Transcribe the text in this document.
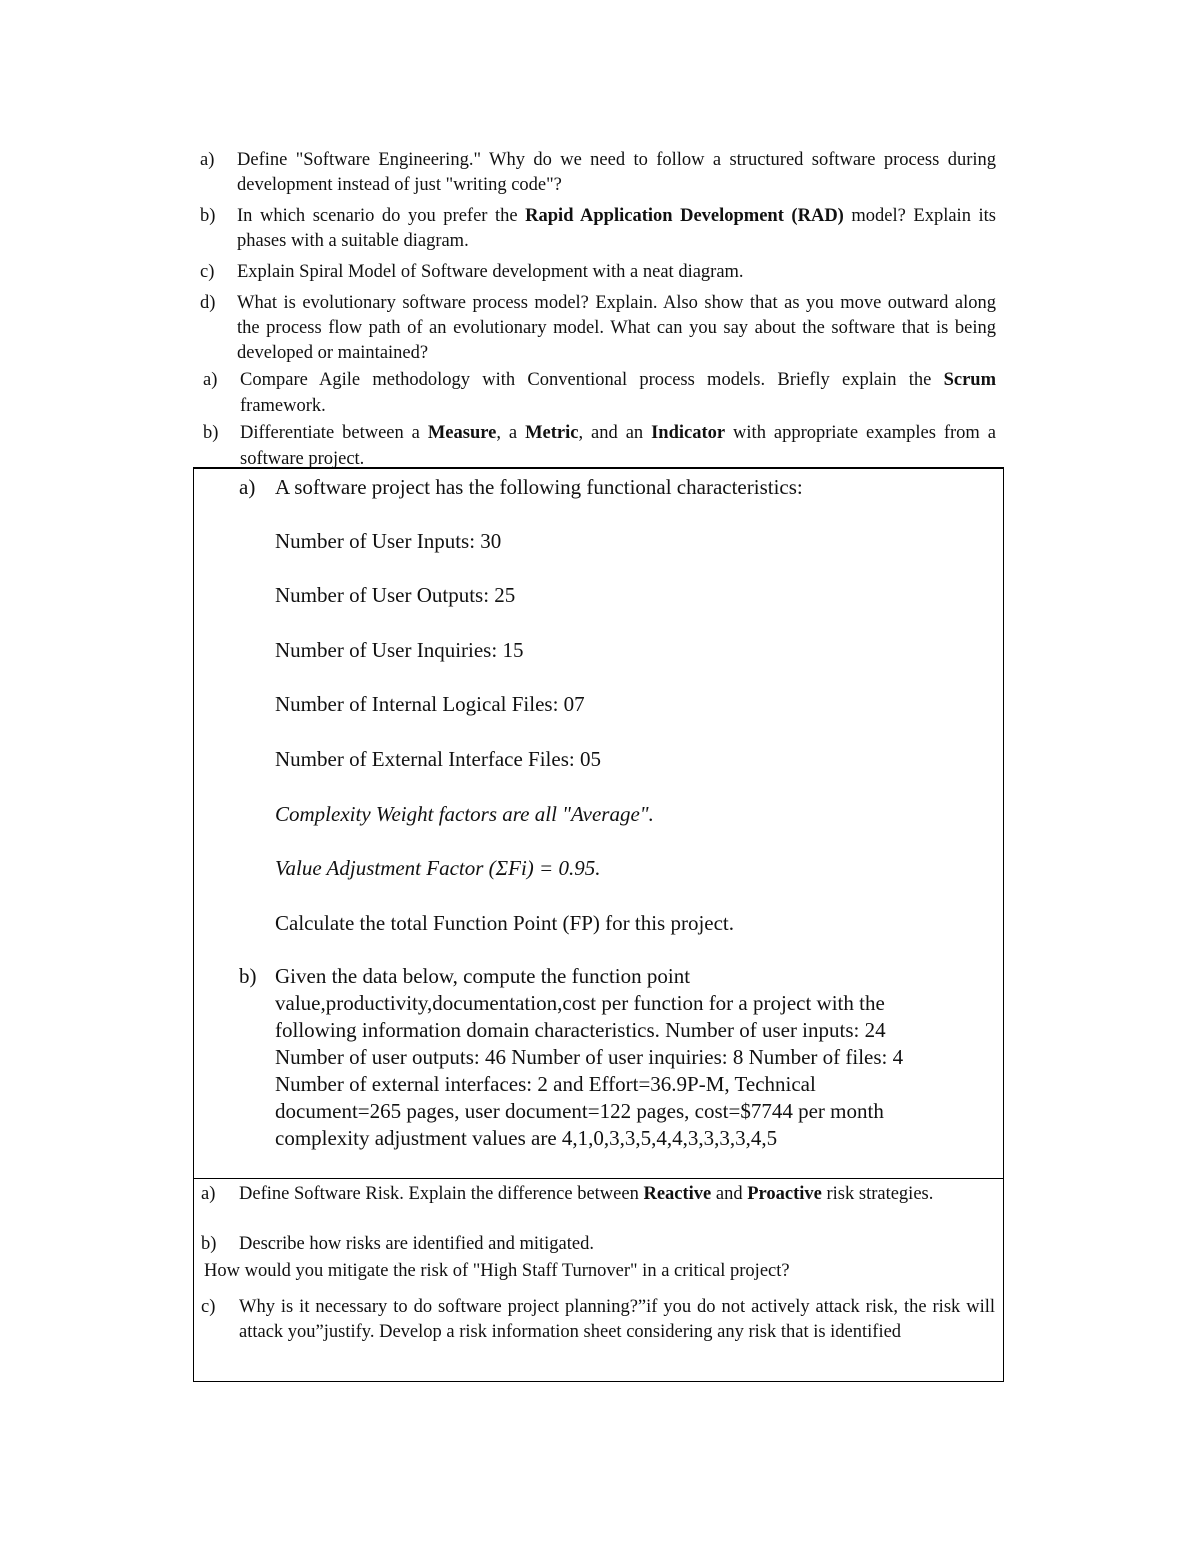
a)	Define "Software Engineering." Why do we need to follow a structured software process during development instead of just "writing code"?
b)	In which scenario do you prefer the Rapid Application Development (RAD) model? Explain its phases with a suitable diagram.
c)	Explain Spiral Model of Software development with a neat diagram.
d)	What is evolutionary software process model? Explain. Also show that as you move outward along the process flow path of an evolutionary model. What can you say about the software that is being developed or maintained?
a)	Compare Agile methodology with Conventional process models. Briefly explain the Scrum framework.
b)	Differentiate between a Measure, a Metric, and an Indicator with appropriate examples from a software project.
a) A software project has the following functional characteristics:
Number of User Inputs: 30
Number of User Outputs: 25
Number of User Inquiries: 15
Number of Internal Logical Files: 07
Number of External Interface Files: 05
Complexity Weight factors are all "Average".
Value Adjustment Factor (ΣFi) = 0.95.
Calculate the total Function Point (FP) for this project.
b) Given the data below, compute the function point
value,productivity,documentation,cost per function for a project with the
following information domain characteristics. Number of user inputs: 24
Number of user outputs: 46 Number of user inquiries: 8 Number of files: 4
Number of external interfaces: 2 and Effort=36.9P-M, Technical
document=265 pages, user document=122 pages, cost=$7744 per month
complexity adjustment values are 4,1,0,3,3,5,4,4,3,3,3,3,4,5
a)	Define Software Risk. Explain the difference between Reactive and Proactive risk strategies.
b)	Describe how risks are identified and mitigated.
How would you mitigate the risk of "High Staff Turnover" in a critical project?
c)	Why is it necessary to do software project planning?”if you do not actively attack risk, the risk will attack you”justify. Develop a risk information sheet considering any risk that is identified
